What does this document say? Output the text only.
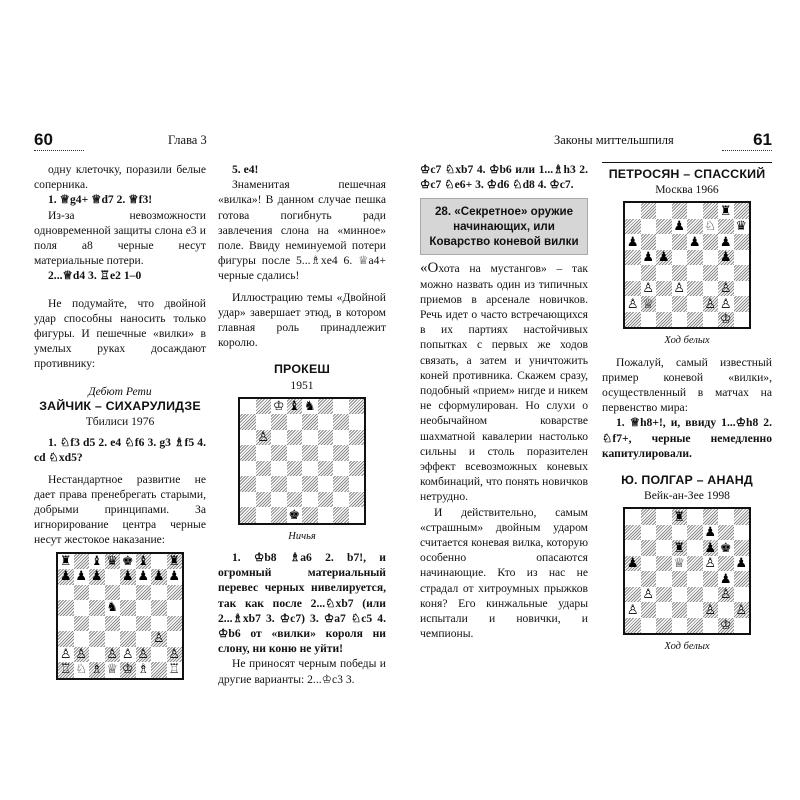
60	Глава 3

одну клеточку, поразили белые соперника.

1. ♕g4+ ♕d7 2. ♕f3!

Из-за невозможности одновременной защиты слона е3 и поля а8 черные несут материальные потери.

2...♕d4 3. ♖e2 1–0

Не подумайте, что двойной удар способны наносить только фигуры. И пешечные «вилки» в умелых руках досаждают противнику:

Дебют Рети
ЗАЙЧИК – СИХАРУЛИДЗЕ
Тбилиси 1976

1. ♘f3 d5 2. e4 ♘f6 3. g3 ♗f5 4. cd ♘xd5?

Нестандартное развитие не дает права пренебрегать старыми, добрыми принципами. За игнорирование центра черные несут жестокое наказание:

♜ ♝ ♛ ♚ ♝ ♜
♟ ♟ ♟ ♟ ♟ ♟ ♟
♞
♙
♙ ♙ ♙ ♙ ♙ ♙
♖ ♘ ♗ ♕ ♔ ♗ ♖

5. e4!

Знаменитая пешечная «вилка»! В данном случае пешка готова погибнуть ради завлечения слона на «минное» поле. Ввиду неминуемой потери фигуры после 5...♗xe4 6. ♕a4+ черные сдались!

Иллюстрацию темы «Двойной удар» завершает этюд, в котором главная роль принадлежит королю.

ПРОКЕШ
1951
♔ ♝ ♞
♙
♚
Ничья

1. ♔b8 ♗a6 2. b7!, и огромный материальный перевес черных нивелируется, так как после 2...♘xb7 (или 2...♗xb7 3. ♔c7) 3. ♔a7 ♘c5 4. ♔b6 от «вилки» короля ни слону, ни коню не уйти!

Не приносят черным победы и другие варианты: 2...♔c3 3.

Законы миттельшпиля	61

♔c7 ♘xb7 4. ♔b6 или 1...♗h3 2. ♔c7 ♘e6+ 3. ♔d6 ♘d8 4. ♔c7.

28. «Секретное» оружие начинающих, или Коварство коневой вилки

«Охота на мустангов» – так можно назвать один из типичных приемов в арсенале новичков. Речь идет о часто встречающихся в их партиях настойчивых попытках с первых же ходов связать, а затем и уничтожить коней противника. Скажем сразу, подобный «прием» нигде и никем не сформулирован. Но слухи о необычайном коварстве шахматной кавалерии настолько сильны и столь поразителен эффект всевозможных коневых комбинаций, что понять новичков нетрудно.

И действительно, самым «страшным» двойным ударом считается коневая вилка, которую особенно опасаются начинающие. Кто из нас не страдал от хитроумных прыжков коня? Его кинжальные удары испытали и новички, и чемпионы.

ПЕТРОСЯН – СПАССКИЙ
Москва 1966
♜
♟ ♘ ♛
♟	♟ ♟
♟ ♟	♟
♙ ♙	♙
♙ ♕	♙ ♙
♔
Ход белых

Пожалуй, самый известный пример коневой «вилки», осуществленный в матчах на первенство мира:

1. ♕h8+!, и, ввиду 1...♔h8 2. ♘f7+, черные немедленно капитулировали.

Ю. ПОЛГАР – АНАНД
Вейк-ан-Зее 1998
♜
♟
♜ ♟ ♚
♟	♕ ♙ ♟
♟
♙	♙
♙	♙ ♙
♔
Ход белых
